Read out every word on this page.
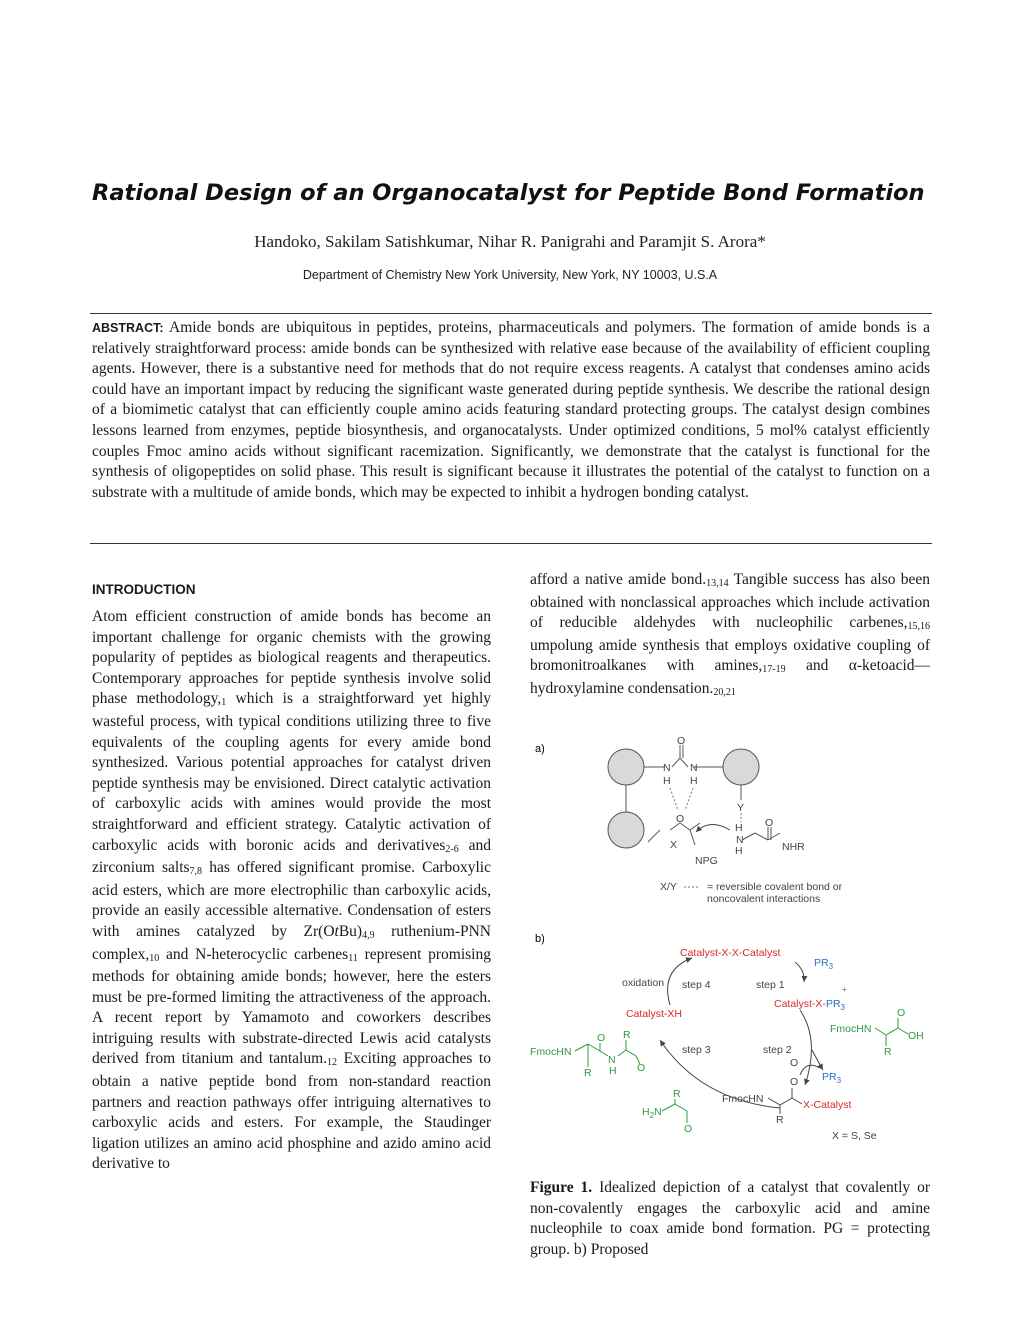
Rational Design of an Organocatalyst for Peptide Bond Formation

Handoko, Sakilam Satishkumar, Nihar R. Panigrahi and Paramjit S. Arora*

Department of Chemistry New York University, New York, NY 10003, U.S.A

ABSTRACT: Amide bonds are ubiquitous in peptides, proteins, pharmaceuticals and polymers. The formation of amide bonds is a relatively straightforward process: amide bonds can be synthesized with relative ease because of the availability of efficient coupling agents. However, there is a substantive need for methods that do not require excess reagents. A catalyst that condenses amino acids could have an important impact by reducing the significant waste generated during peptide synthesis. We describe the rational design of a biomimetic catalyst that can efficiently couple amino acids featuring standard protecting groups. The catalyst design combines lessons learned from enzymes, peptide biosynthesis, and organocatalysts. Under optimized conditions, 5 mol% catalyst efficiently couples Fmoc amino acids without significant racemization. Significantly, we demonstrate that the catalyst is functional for the synthesis of oligopeptides on solid phase. This result is significant because it illustrates the potential of the catalyst to function on a substrate with a multitude of amide bonds, which may be expected to inhibit a hydrogen bonding catalyst.

INTRODUCTION

Atom efficient construction of amide bonds has become an important challenge for organic chemists with the growing popularity of peptides as biological reagents and therapeutics. Contemporary approaches for peptide synthesis involve solid phase methodology,$^1$ which is a straightforward yet highly wasteful process, with typical conditions utilizing three to five equivalents of the coupling agents for every amide bond synthesized. Various potential approaches for catalyst driven peptide synthesis may be envisioned. Direct catalytic activation of carboxylic acids with amines would provide the most straightforward and efficient strategy. Catalytic activation of carboxylic acids with boronic acids and derivatives$^{2-6}$ and zirconium salts$^{7,8}$ has offered significant promise. Carboxylic acid esters, which are more electrophilic than carboxylic acids, provide an easily accessible alternative. Condensation of esters with amines catalyzed by Zr(OtBu)$^{4,9}$ ruthenium-PNN complex,$^{10}$ and N-heterocyclic carbenes$^{11}$ represent promising methods for obtaining amide bonds; however, here the esters must be pre-formed limiting the attractiveness of the approach. A recent report by Yamamoto and coworkers describes intriguing results with substrate-directed Lewis acid catalysts derived from titanium and tantalum.$^{12}$ Exciting approaches to obtain a native peptide bond from non-standard reaction partners and reaction pathways offer intriguing alternatives to carboxylic acids and esters. For example, the Staudinger ligation utilizes an amino acid phosphine and azido amino acid derivative to

afford a native amide bond.$^{13,14}$ Tangible success has also been obtained with nonclassical approaches which include activation of reducible aldehydes with nucleophilic carbenes,$^{15,16}$ umpolung amide synthesis that employs oxidative coupling of bromonitroalkanes with amines,$^{17-19}$ and α-ketoacid—hydroxylamine condensation.$^{20,21}$

a)
O
N N
H H
Y
O
H
X	N
H
O
NHR
NPG
X/Y	= reversible covalent bond or
noncovalent interactions
b)
Catalyst-X-X-Catalyst
$PR_3$
oxidation step 4	step 1
Catalyst-$X-PR_3$
+
Catalyst-XH
FmocHN
O
OH
R
FmocHN
O R
R
N
H O
step 3	step 2
O
$PR_3$
R
$H_2N$
O
FmocHN
O
X-Catalyst
R
X = S, Se

Figure 1. Idealized depiction of a catalyst that covalently or non-covalently engages the carboxylic acid and amine nucleophile to coax amide bond formation. PG = protecting group. b) Proposed
